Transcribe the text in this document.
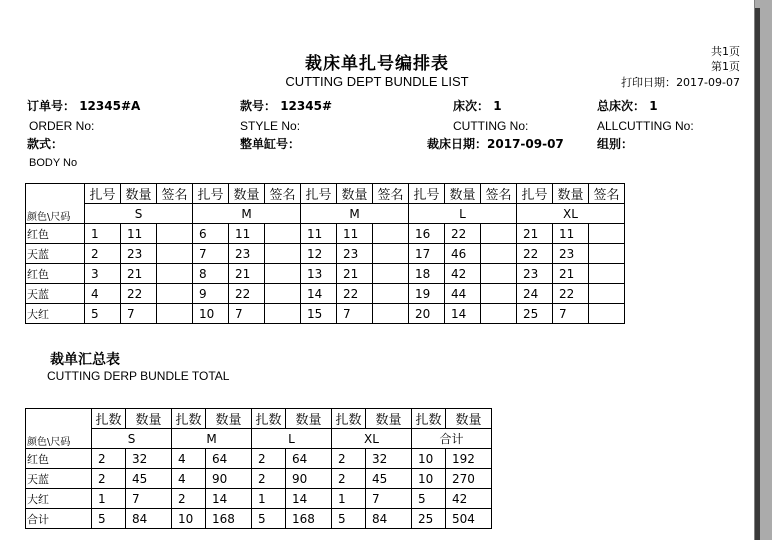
裁床单扎号编排表
CUTTING DEPT BUNDLE LIST
共1页
第1页
打印日期：2017-09-07
订单号： 12345#A	款号： 12345#	床次： 1	总床次： 1
ORDER No:	STYLE No:	CUTTING No:	ALLCUTTING No:
款式：	整单缸号：	裁床日期：2017-09-07	组别：
BODY No
颜色\尺码	扎号	数量	签名	扎号	数量	签名	扎号	数量	签名	扎号	数量	签名	扎号	数量	签名
	S			M			M			L			XL		
红色	1	11		6	11		11	11		16	22		21	11	
天蓝	2	23		7	23		12	23		17	46		22	23	
红色	3	21		8	21		13	21		18	42		23	21	
天蓝	4	22		9	22		14	22		19	44		24	22	
大红	5	7		10	7		15	7		20	14		25	7	
裁单汇总表
CUTTING DERP BUNDLE TOTAL
颜色\尺码	扎数	数量	扎数	数量	扎数	数量	扎数	数量	扎数	数量
	S		M		L		XL		合计	
红色	2	32	4	64	2	64	2	32	10	192
天蓝	2	45	4	90	2	90	2	45	10	270
大红	1	7	2	14	1	14	1	7	5	42
合计	5	84	10	168	5	168	5	84	25	504
